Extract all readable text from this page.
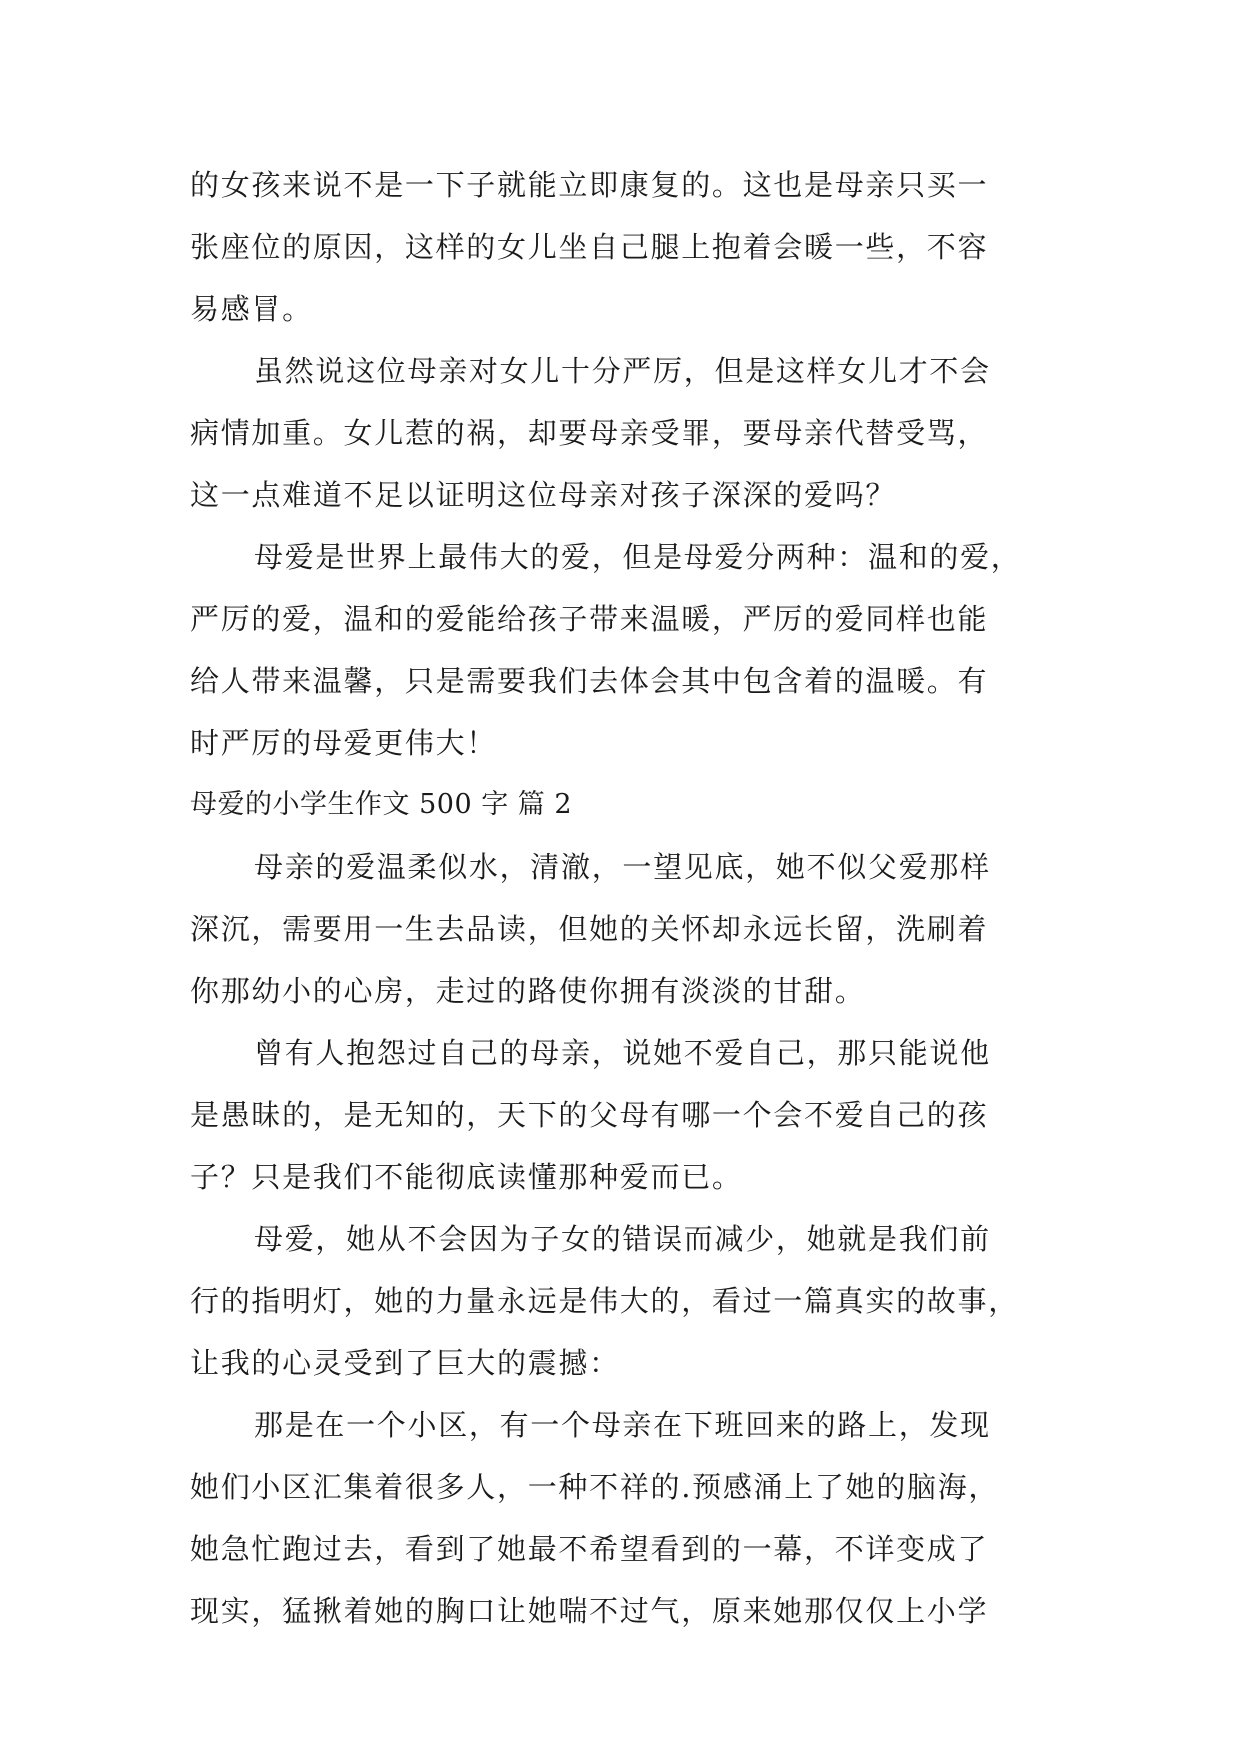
的女孩来说不是一下子就能立即康复的。这也是母亲只买一
张座位的原因，这样的女儿坐自己腿上抱着会暖一些，不容
易感冒。
虽然说这位母亲对女儿十分严厉，但是这样女儿才不会
病情加重。女儿惹的祸，却要母亲受罪，要母亲代替受骂，
这一点难道不足以证明这位母亲对孩子深深的爱吗？
母爱是世界上最伟大的爱，但是母爱分两种：温和的爱，
严厉的爱，温和的爱能给孩子带来温暖，严厉的爱同样也能
给人带来温馨，只是需要我们去体会其中包含着的温暖。有
时严厉的母爱更伟大！
母爱的小学生作文 500 字 篇 2
母亲的爱温柔似水，清澈，一望见底，她不似父爱那样
深沉，需要用一生去品读，但她的关怀却永远长留，洗刷着
你那幼小的心房，走过的路使你拥有淡淡的甘甜。
曾有人抱怨过自己的母亲，说她不爱自己，那只能说他
是愚昧的，是无知的，天下的父母有哪一个会不爱自己的孩
子？只是我们不能彻底读懂那种爱而已。
母爱，她从不会因为子女的错误而减少，她就是我们前
行的指明灯，她的力量永远是伟大的，看过一篇真实的故事，
让我的心灵受到了巨大的震撼：
那是在一个小区，有一个母亲在下班回来的路上，发现
她们小区汇集着很多人，一种不祥的.预感涌上了她的脑海，
她急忙跑过去，看到了她最不希望看到的一幕，不详变成了
现实，猛揪着她的胸口让她喘不过气，原来她那仅仅上小学
